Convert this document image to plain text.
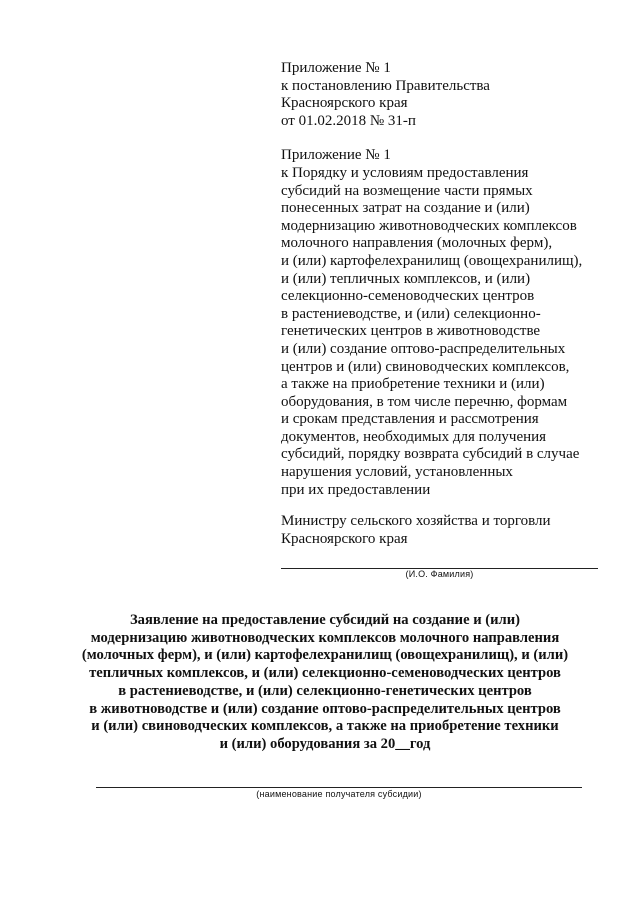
Приложение № 1
к постановлению Правительства
Красноярского края
от 01.02.2018 № 31-п
Приложение № 1
к Порядку и условиям предоставления
субсидий на возмещение части прямых
понесенных затрат на создание и (или)
модернизацию животноводческих комплексов
молочного направления (молочных ферм),
и (или) картофелехранилищ (овощехранилищ),
и (или) тепличных комплексов, и (или)
селекционно-семеноводческих центров
в растениеводстве, и (или) селекционно-
генетических центров в животноводстве
и (или) создание оптово-распределительных
центров и (или) свиноводческих комплексов,
а также на приобретение техники и (или)
оборудования, в том числе перечню, формам
и срокам представления и рассмотрения
документов, необходимых для получения
субсидий, порядку возврата субсидий в случае
нарушения условий, установленных
при их предоставлении
Министру сельского хозяйства и торговли
Красноярского края
(И.О. Фамилия)
Заявление на предоставление субсидий на создание и (или)
модернизацию животноводческих комплексов молочного направления
(молочных ферм), и (или) картофелехранилищ (овощехранилищ), и (или)
тепличных комплексов, и (или) селекционно-семеноводческих центров
в растениеводстве, и (или) селекционно-генетических центров
в животноводстве и (или) создание оптово-распределительных центров
и (или) свиноводческих комплексов, а также на приобретение техники
и (или) оборудования за 20__год
(наименование получателя субсидии)
